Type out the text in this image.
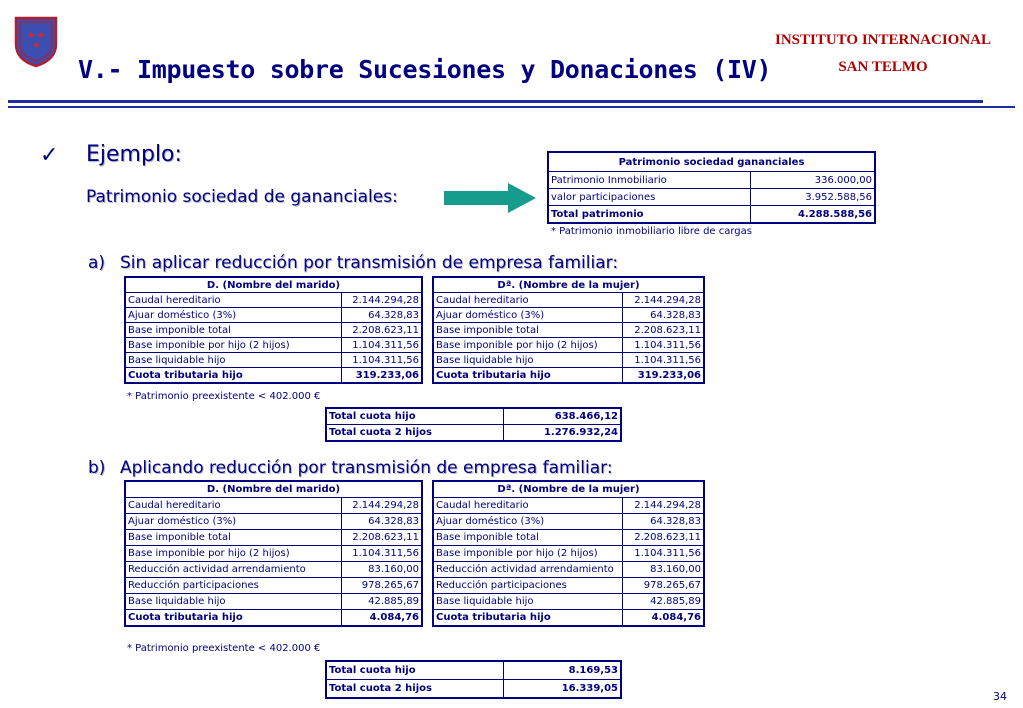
✚ ✚
✚	INSTITUTO INTERNACIONAL
SAN TELMO
V.- Impuesto sobre Sucesiones y Donaciones (IV)
✓ Ejemplo:
Patrimonio sociedad de gananciales:
Patrimonio sociedad gananciales	
Patrimonio Inmobiliario	336.000,00
valor participaciones	3.952.588,56
Total patrimonio	4.288.588,56
* Patrimonio inmobiliario libre de cargas
a) Sin aplicar reducción por transmisión de empresa familiar:
D. (Nombre del marido)	
Caudal hereditario	2.144.294,28
Ajuar doméstico (3%)	64.328,83
Base imponible total	2.208.623,11
Base imponible por hijo (2 hijos)	1.104.311,56
Base liquidable hijo	1.104.311,56
Cuota tributaria hijo	319.233,06
Dª. (Nombre de la mujer)	
Caudal hereditario	2.144.294,28
Ajuar doméstico (3%)	64.328,83
Base imponible total	2.208.623,11
Base imponible por hijo (2 hijos)	1.104.311,56
Base liquidable hijo	1.104.311,56
Cuota tributaria hijo	319.233,06
* Patrimonio preexistente < 402.000 €
Total cuota hijo	638.466,12
Total cuota 2 hijos	1.276.932,24
b) Aplicando reducción por transmisión de empresa familiar:
D. (Nombre del marido)	
Caudal hereditario	2.144.294,28
Ajuar doméstico (3%)	64.328,83
Base imponible total	2.208.623,11
Base imponible por hijo (2 hijos)	1.104.311,56
Reducción actividad arrendamiento	83.160,00
Reducción participaciones	978.265,67
Base liquidable hijo	42.885,89
Cuota tributaria hijo	4.084,76
Dª. (Nombre de la mujer)	
Caudal hereditario	2.144.294,28
Ajuar doméstico (3%)	64.328,83
Base imponible total	2.208.623,11
Base imponible por hijo (2 hijos)	1.104.311,56
Reducción actividad arrendamiento	83.160,00
Reducción participaciones	978.265,67
Base liquidable hijo	42.885,89
Cuota tributaria hijo	4.084,76
* Patrimonio preexistente < 402.000 €
Total cuota hijo	8.169,53
Total cuota 2 hijos	16.339,05
34
